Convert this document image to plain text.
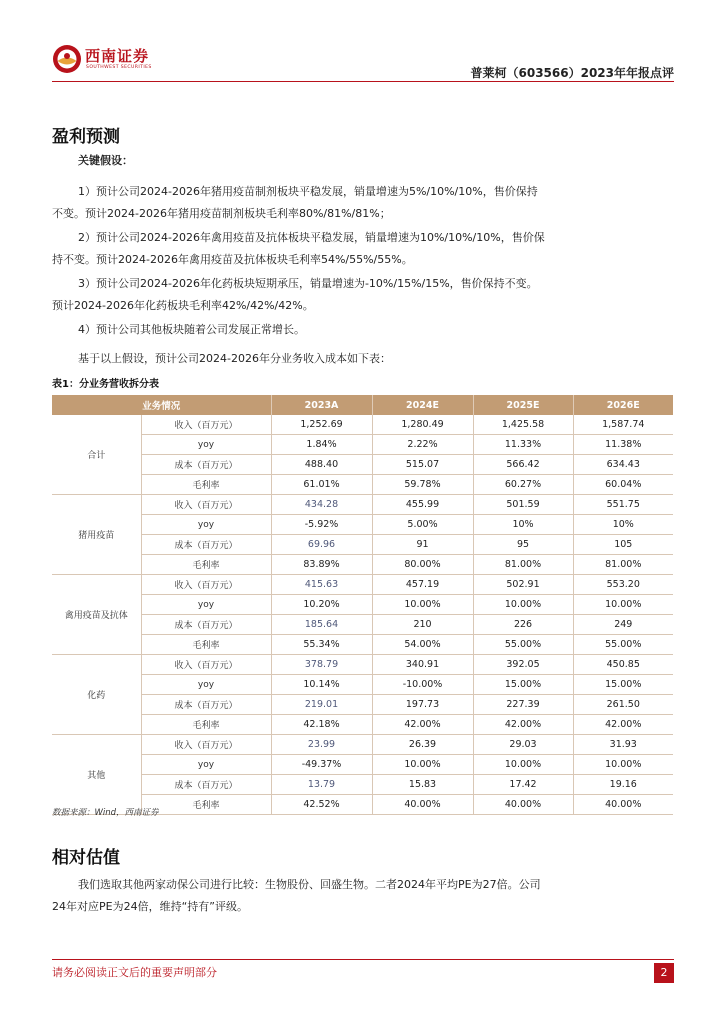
西南证券
SOUTHWEST SECURITIES	普莱柯（603566）2023年年报点评
盈利预测

关键假设：

1）预计公司2024-2026年猪用疫苗制剂板块平稳发展，销量增速为5%/10%/10%，售价保持不变。预计2024-2026年猪用疫苗制剂板块毛利率80%/81%/81%；

2）预计公司2024-2026年禽用疫苗及抗体板块平稳发展，销量增速为10%/10%/10%，售价保持不变。预计2024-2026年禽用疫苗及抗体板块毛利率54%/55%/55%。

3）预计公司2024-2026年化药板块短期承压，销量增速为-10%/15%/15%，售价保持不变。预计2024-2026年化药板块毛利率42%/42%/42%。

4）预计公司其他板块随着公司发展正常增长。

基于以上假设，预计公司2024-2026年分业务收入成本如下表：

表1：分业务营收拆分表
业务情况		2023A	2024E	2025E	2026E
合计	收入（百万元）	1,252.69	1,280.49	1,425.58	1,587.74
	yoy	1.84%	2.22%	11.33%	11.38%
	成本（百万元）	488.40	515.07	566.42	634.43
	毛利率	61.01%	59.78%	60.27%	60.04%
猪用疫苗	收入（百万元）	434.28	455.99	501.59	551.75
	yoy	-5.92%	5.00%	10%	10%
	成本（百万元）	69.96	91	95	105
	毛利率	83.89%	80.00%	81.00%	81.00%
禽用疫苗及抗体	收入（百万元）	415.63	457.19	502.91	553.20
	yoy	10.20%	10.00%	10.00%	10.00%
	成本（百万元）	185.64	210	226	249
	毛利率	55.34%	54.00%	55.00%	55.00%
化药	收入（百万元）	378.79	340.91	392.05	450.85
	yoy	10.14%	-10.00%	15.00%	15.00%
	成本（百万元）	219.01	197.73	227.39	261.50
	毛利率	42.18%	42.00%	42.00%	42.00%
其他	收入（百万元）	23.99	26.39	29.03	31.93
	yoy	-49.37%	10.00%	10.00%	10.00%
	成本（百万元）	13.79	15.83	17.42	19.16
	毛利率	42.52%	40.00%	40.00%	40.00%
数据来源：Wind，西南证券
相对估值

我们选取其他两家动保公司进行比较：生物股份、回盛生物。二者2024年平均PE为27倍。公司24年对应PE为24倍，维持“持有”评级。

请务必阅读正文后的重要声明部分	2
